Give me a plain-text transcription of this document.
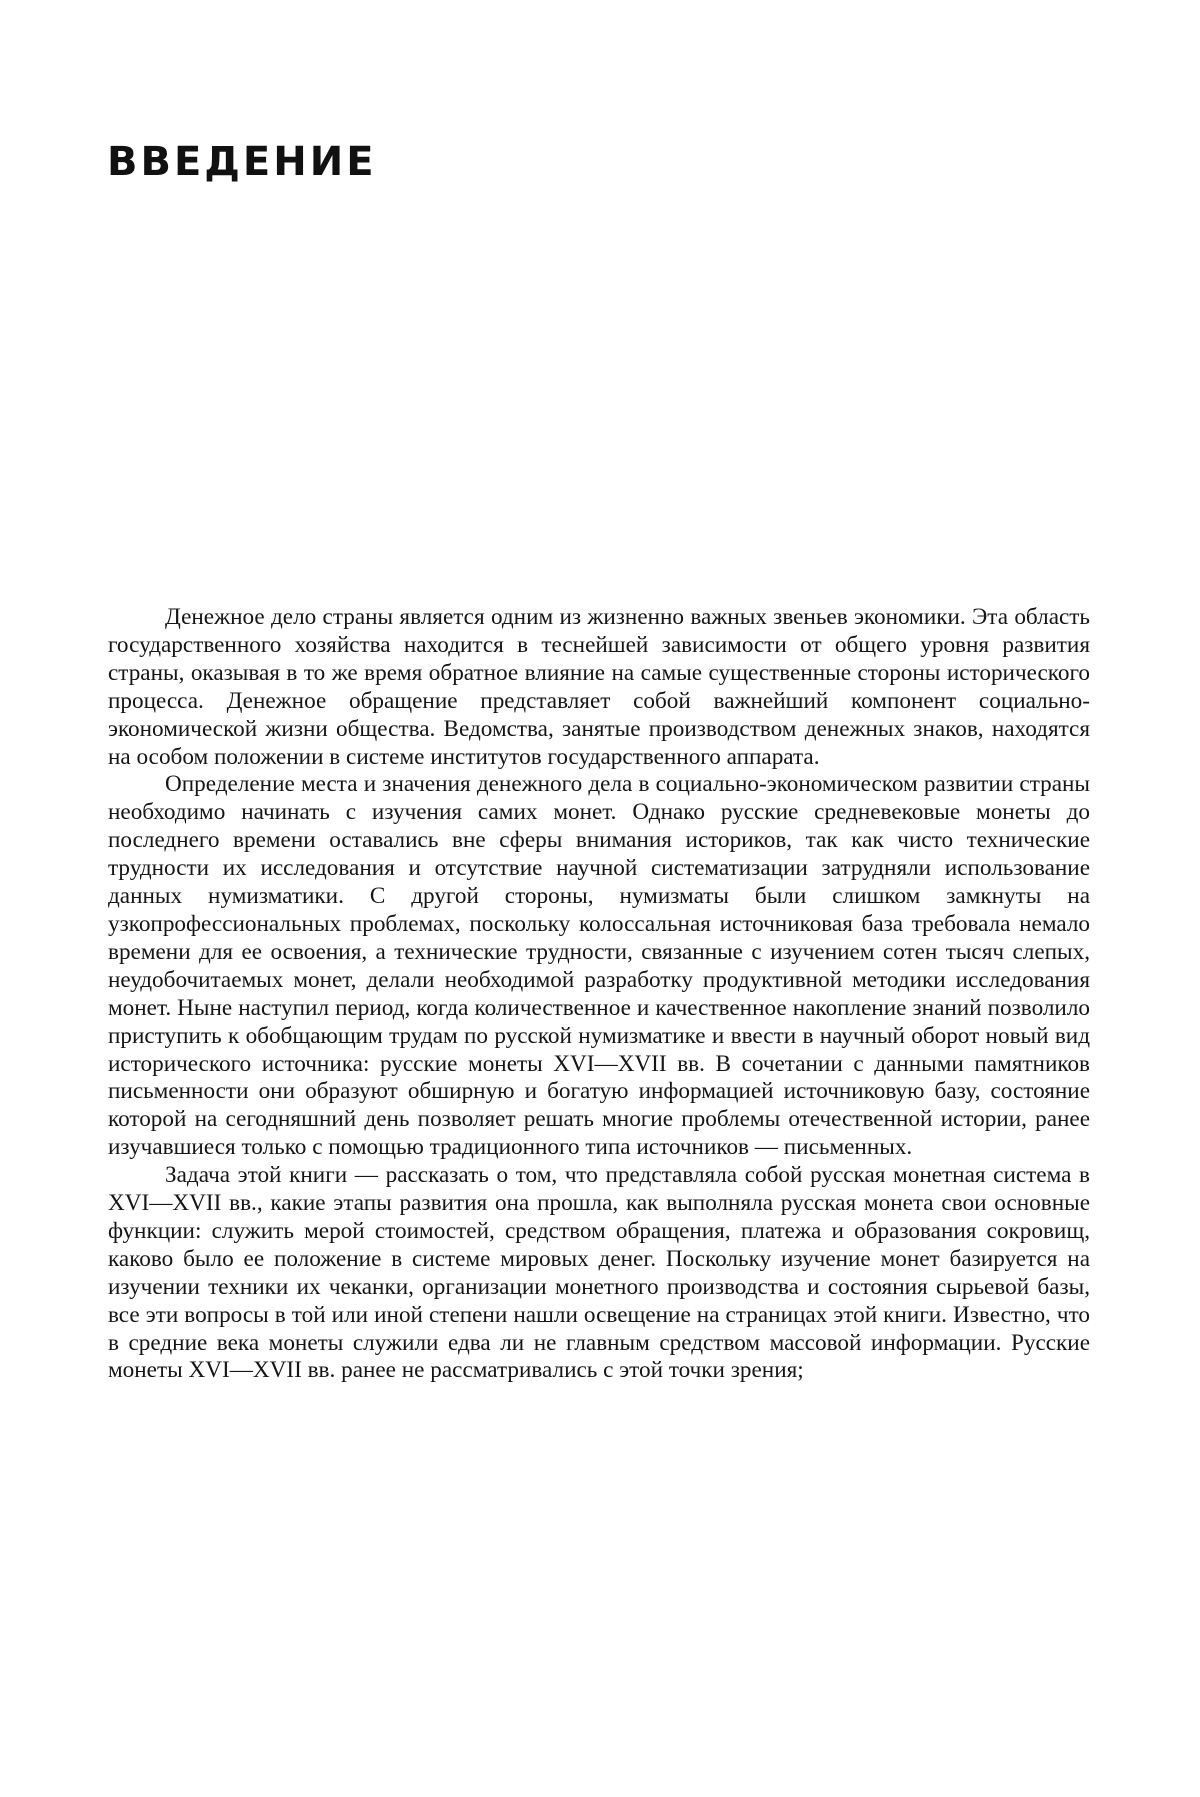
ВВЕДЕНИЕ

Денежное дело страны является одним из жизненно важных звеньев экономики. Эта область государственного хозяйства находится в теснейшей зависимости от общего уровня развития страны, оказывая в то же время обратное влияние на самые существенные стороны исторического процесса. Денежное обращение представляет собой важнейший компонент социально-экономической жизни общества. Ведомства, занятые производством денежных знаков, находятся на особом положении в системе институтов государственного аппарата.

Определение места и значения денежного дела в социально-экономическом развитии страны необходимо начинать с изучения самих монет. Однако русские средневековые монеты до последнего времени оставались вне сферы внимания историков, так как чисто технические трудности их исследования и отсутствие научной систематизации затрудняли использование данных нумизматики. С другой стороны, нумизматы были слишком замкнуты на узкопрофессиональных проблемах, поскольку колоссальная источниковая база требовала немало времени для ее освоения, а технические трудности, связанные с изучением сотен тысяч слепых, неудобочитаемых монет, делали необходимой разработку продуктивной методики исследования монет. Ныне наступил период, когда количественное и качественное накопление знаний позволило приступить к обобщающим трудам по русской нумизматике и ввести в научный оборот новый вид исторического источника: русские монеты XVI—XVII вв. В сочетании с данными памятников письменности они образуют обширную и богатую информацией источниковую базу, состояние которой на сегодняшний день позволяет решать многие проблемы отечественной истории, ранее изучавшиеся только с помощью традиционного типа источников — письменных.

Задача этой книги — рассказать о том, что представляла собой русская монетная система в XVI—XVII вв., какие этапы развития она прошла, как выполняла русская монета свои основные функции: служить мерой стоимостей, средством обращения, платежа и образования сокровищ, каково было ее положение в системе мировых денег. Поскольку изучение монет базируется на изучении техники их чеканки, организации монетного производства и состояния сырьевой базы, все эти вопросы в той или иной степени нашли освещение на страницах этой книги. Известно, что в средние века монеты служили едва ли не главным средством массовой информации. Русские монеты XVI—XVII вв. ранее не рассматривались с этой точки зрения;
